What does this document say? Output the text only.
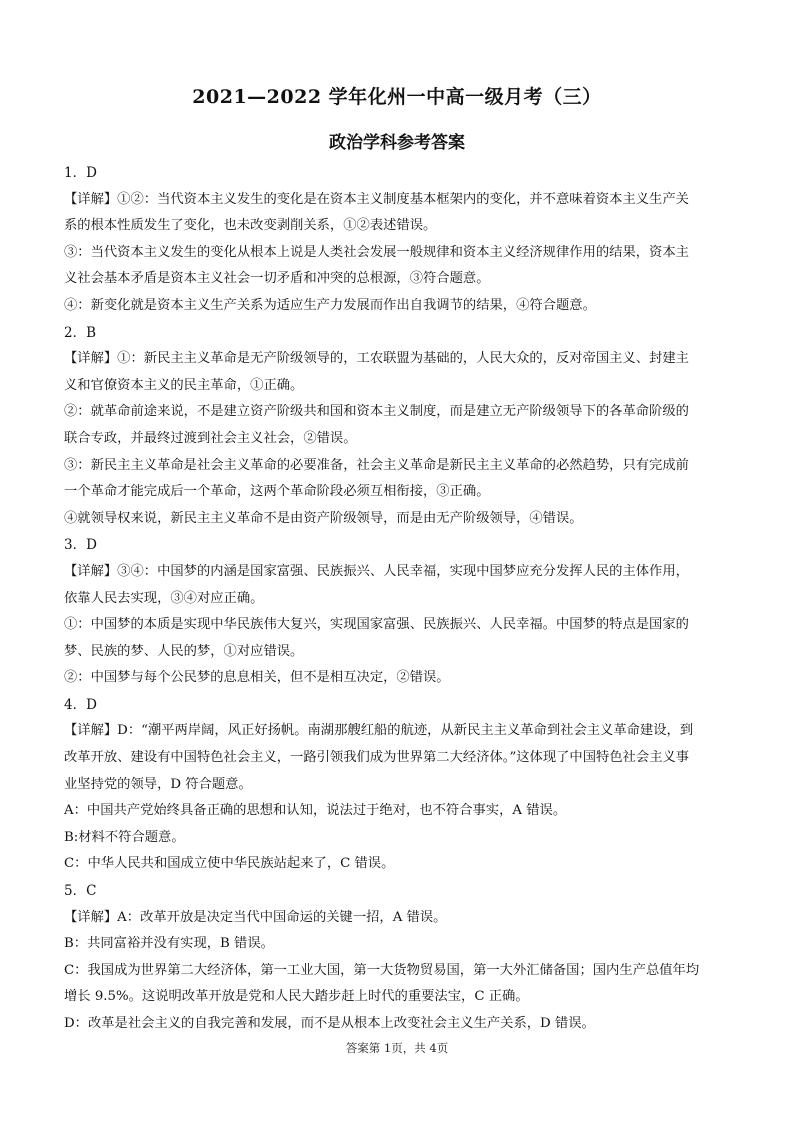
2021—2022 学年化州一中高一级月考（三）
政治学科参考答案
1．D
【详解】①②：当代资本主义发生的变化是在资本主义制度基本框架内的变化，并不意味着资本主义生产关
系的根本性质发生了变化，也未改变剥削关系，①②表述错误。
③：当代资本主义发生的变化从根本上说是人类社会发展一般规律和资本主义经济规律作用的结果，资本主
义社会基本矛盾是资本主义社会一切矛盾和冲突的总根源，③符合题意。
④：新变化就是资本主义生产关系为适应生产力发展而作出自我调节的结果，④符合题意。
2．B
【详解】①：新民主主义革命是无产阶级领导的，工农联盟为基础的，人民大众的，反对帝国主义、封建主
义和官僚资本主义的民主革命，①正确。
②：就革命前途来说，不是建立资产阶级共和国和资本主义制度，而是建立无产阶级领导下的各革命阶级的
联合专政，并最终过渡到社会主义社会，②错误。
③：新民主主义革命是社会主义革命的必要准备，社会主义革命是新民主主义革命的必然趋势，只有完成前
一个革命才能完成后一个革命，这两个革命阶段必须互相衔接，③正确。
④就领导权来说，新民主主义革命不是由资产阶级领导，而是由无产阶级领导，④错误。
3．D
【详解】③④：中国梦的内涵是国家富强、民族振兴、人民幸福，实现中国梦应充分发挥人民的主体作用，
依靠人民去实现，③④对应正确。
①：中国梦的本质是实现中华民族伟大复兴，实现国家富强、民族振兴、人民幸福。中国梦的特点是国家的
梦、民族的梦、人民的梦，①对应错误。
②：中国梦与每个公民梦的息息相关，但不是相互决定，②错误。
4．D
【详解】D：“潮平两岸阔，风正好扬帆。南湖那艘红船的航迹，从新民主主义革命到社会主义革命建设，到
改革开放、建设有中国特色社会主义，一路引领我们成为世界第二大经济体。”这体现了中国特色社会主义事
业坚持党的领导，D 符合题意。
A：中国共产党始终具备正确的思想和认知，说法过于绝对，也不符合事实，A 错误。
B:材料不符合题意。
C：中华人民共和国成立使中华民族站起来了，C 错误。
5．C
【详解】A：改革开放是决定当代中国命运的关键一招，A 错误。
B：共同富裕并没有实现，B 错误。
C：我国成为世界第二大经济体，第一工业大国，第一大货物贸易国，第一大外汇储备国；国内生产总值年均
增长 9.5%。这说明改革开放是党和人民大踏步赶上时代的重要法宝，C 正确。
D：改革是社会主义的自我完善和发展，而不是从根本上改变社会主义生产关系，D 错误。
答案第 1页，共 4页
